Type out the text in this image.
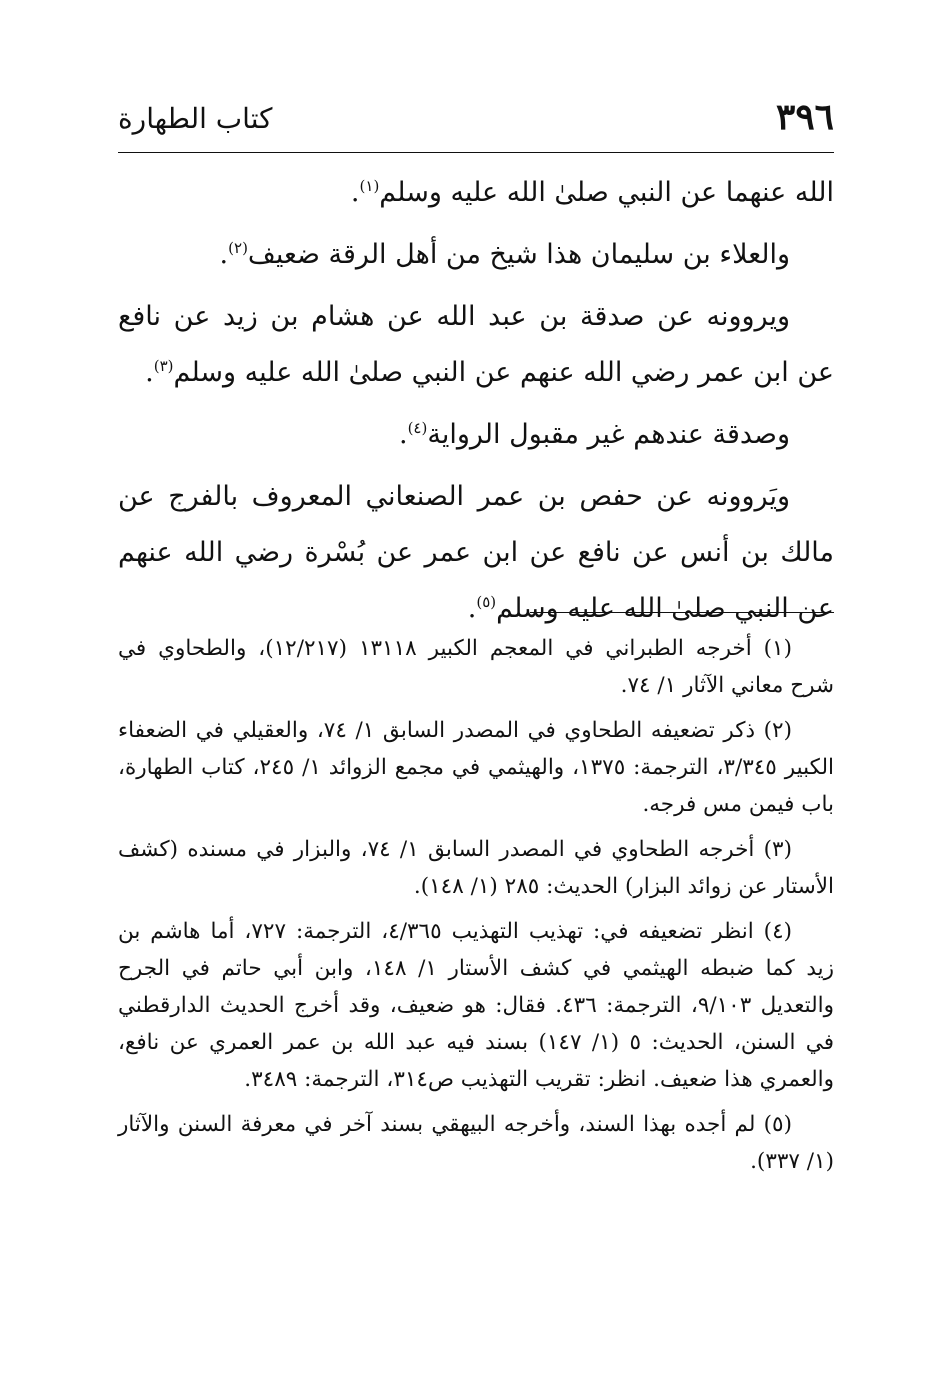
٣٩٦
كتاب الطهارة

الله عنهما عن النبي صلىٰ الله عليه وسلم$^{(١)}$.

والعلاء بن سليمان هذا شيخ من أهل الرقة ضعيف$^{(٢)}$.

ويروونه عن صدقة بن عبد الله عن هشام بن زيد عن نافع عن ابن عمر رضي الله عنهم عن النبي صلىٰ الله عليه وسلم$^{(٣)}$.

وصدقة عندهم غير مقبول الرواية$^{(٤)}$.

ويَروونه عن حفص بن عمر الصنعاني المعروف بالفرج عن مالك بن أنس عن نافع عن ابن عمر عن بُسْرة رضي الله عنهم عن النبي صلىٰ الله عليه وسلم$^{(٥)}$.

(١) أخرجه الطبراني في المعجم الكبير ١٣١١٨ (١٢/٢١٧)، والطحاوي في شرح معاني الآثار ١/ ٧٤.

(٢) ذكر تضعيفه الطحاوي في المصدر السابق ١/ ٧٤، والعقيلي في الضعفاء الكبير ٣/٣٤٥، الترجمة: ١٣٧٥، والهيثمي في مجمع الزوائد ١/ ٢٤٥، كتاب الطهارة، باب فيمن مس فرجه.

(٣) أخرجه الطحاوي في المصدر السابق ١/ ٧٤، والبزار في مسنده (كشف الأستار عن زوائد البزار) الحديث: ٢٨٥ (١/ ١٤٨).

(٤) انظر تضعيفه في: تهذيب التهذيب ٤/٣٦٥، الترجمة: ٧٢٧، أما هاشم بن زيد كما ضبطه الهيثمي في كشف الأستار ١/ ١٤٨، وابن أبي حاتم في الجرح والتعديل ٩/١٠٣، الترجمة: ٤٣٦. فقال: هو ضعيف، وقد أخرج الحديث الدارقطني في السنن، الحديث: ٥ (١/ ١٤٧) بسند فيه عبد الله بن عمر العمري عن نافع، والعمري هذا ضعيف. انظر: تقريب التهذيب ص٣١٤، الترجمة: ٣٤٨٩.

(٥) لم أجده بهذا السند، وأخرجه البيهقي بسند آخر في معرفة السنن والآثار (١/ ٣٣٧).
